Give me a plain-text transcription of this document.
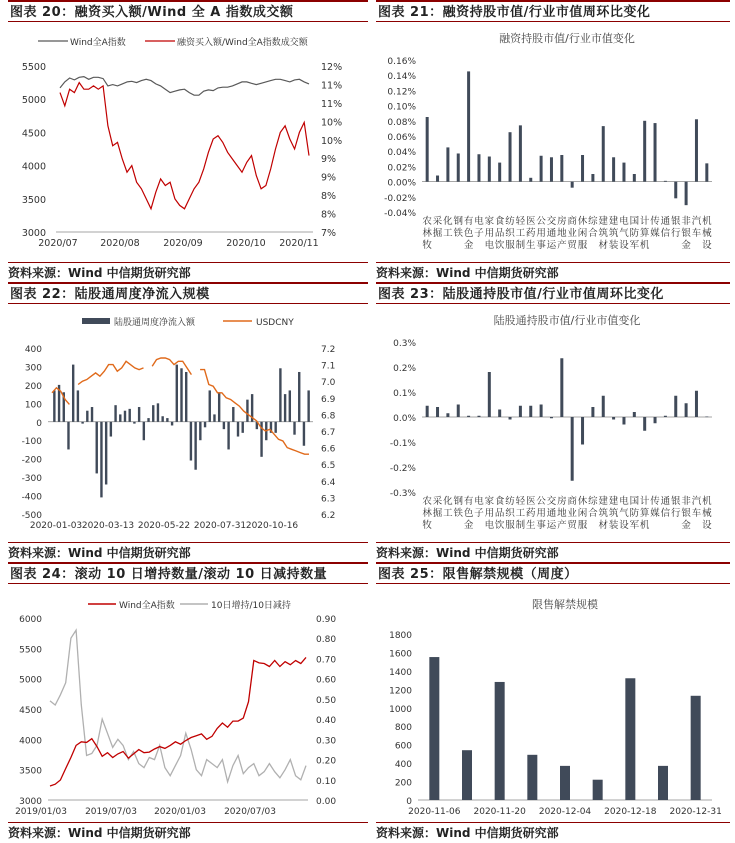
图表 20：融资买入额/Wind 全 A 指数成交额	图表 21：融资持股市值/行业市值周环比变化
Wind全A指数	融资买入额/Wind全A指数成交额
3000
3500
4000
4500
5000
5500
7%
8%
8%
9%
9%
10%
10%
11%
11%
12%
2020/07 2020/08 2020/09 2020/10 2020/11
融资持股市值/行业市值变化
0.16%
0.14%
0.12%
0.10%
0.08%
0.06%
0.04%
0.02%
0.00%
-0.02%
-0.04%
农
林
牧
采
掘
化
工
钢
铁
有
色
金
电
子
家
用
电
食
品
饮
纺
织
服
轻
工
制
医
药
生
公
用
事
交
通
运
房
地
产
商
业
贸
休
闲
服
综
合
建
筑
材
建
筑
装
电
气
设
国
防
军
计
算
机
传
媒
通
信
银
行
非
银
金
汽
车
机
械
设
资料来源：Wind 中信期货研究部	资料来源：Wind 中信期货研究部
图表 22：陆股通周度净流入规模	图表 23：陆股通持股市值/行业市值周环比变化
陆股通周度净流入额	USDCNY
400
300
200
100
0
-100
-200
-300
-400
-500
7.2
7.1
7.0
6.9
6.8
6.7
6.6
6.5
6.4
6.3
6.2
2020-01-03 2020-03-13 2020-05-22 2020-07-31 2020-10-16
陆股通持股市值/行业市值变化
0.3%
0.2%
0.1%
0.0%
-0.1%
-0.2%
-0.3%
农
林
牧
采
掘
化
工
钢
铁
有
色
金
电
子
家
用
电
食
品
饮
纺
织
服
轻
工
制
医
药
生
公
用
事
交
通
运
房
地
产
商
业
贸
休
闲
服
综
合
建
筑
材
建
筑
装
电
气
设
国
防
军
计
算
机
传
媒
通
信
银
行
非
银
金
汽
车
机
械
设
资料来源：Wind 中信期货研究部	资料来源：Wind 中信期货研究部
图表 24：滚动 10 日增持数量/滚动 10 日减持数量	图表 25：限售解禁规模（周度）
Wind全A指数	10日增持/10日减持
3000
3500
4000
4500
5000
5500
6000
0.00
0.10
0.20
0.30
0.40
0.50
0.60
0.70
0.80
0.90
2019/01/03 2019/07/03 2020/01/03 2020/07/03
限售解禁规模
1800
1600
1400
1200
1000
800
600
400
200
0
2020-11-06 2020-11-20 2020-12-04 2020-12-18 2020-12-31
资料来源：Wind 中信期货研究部	资料来源：Wind 中信期货研究部
